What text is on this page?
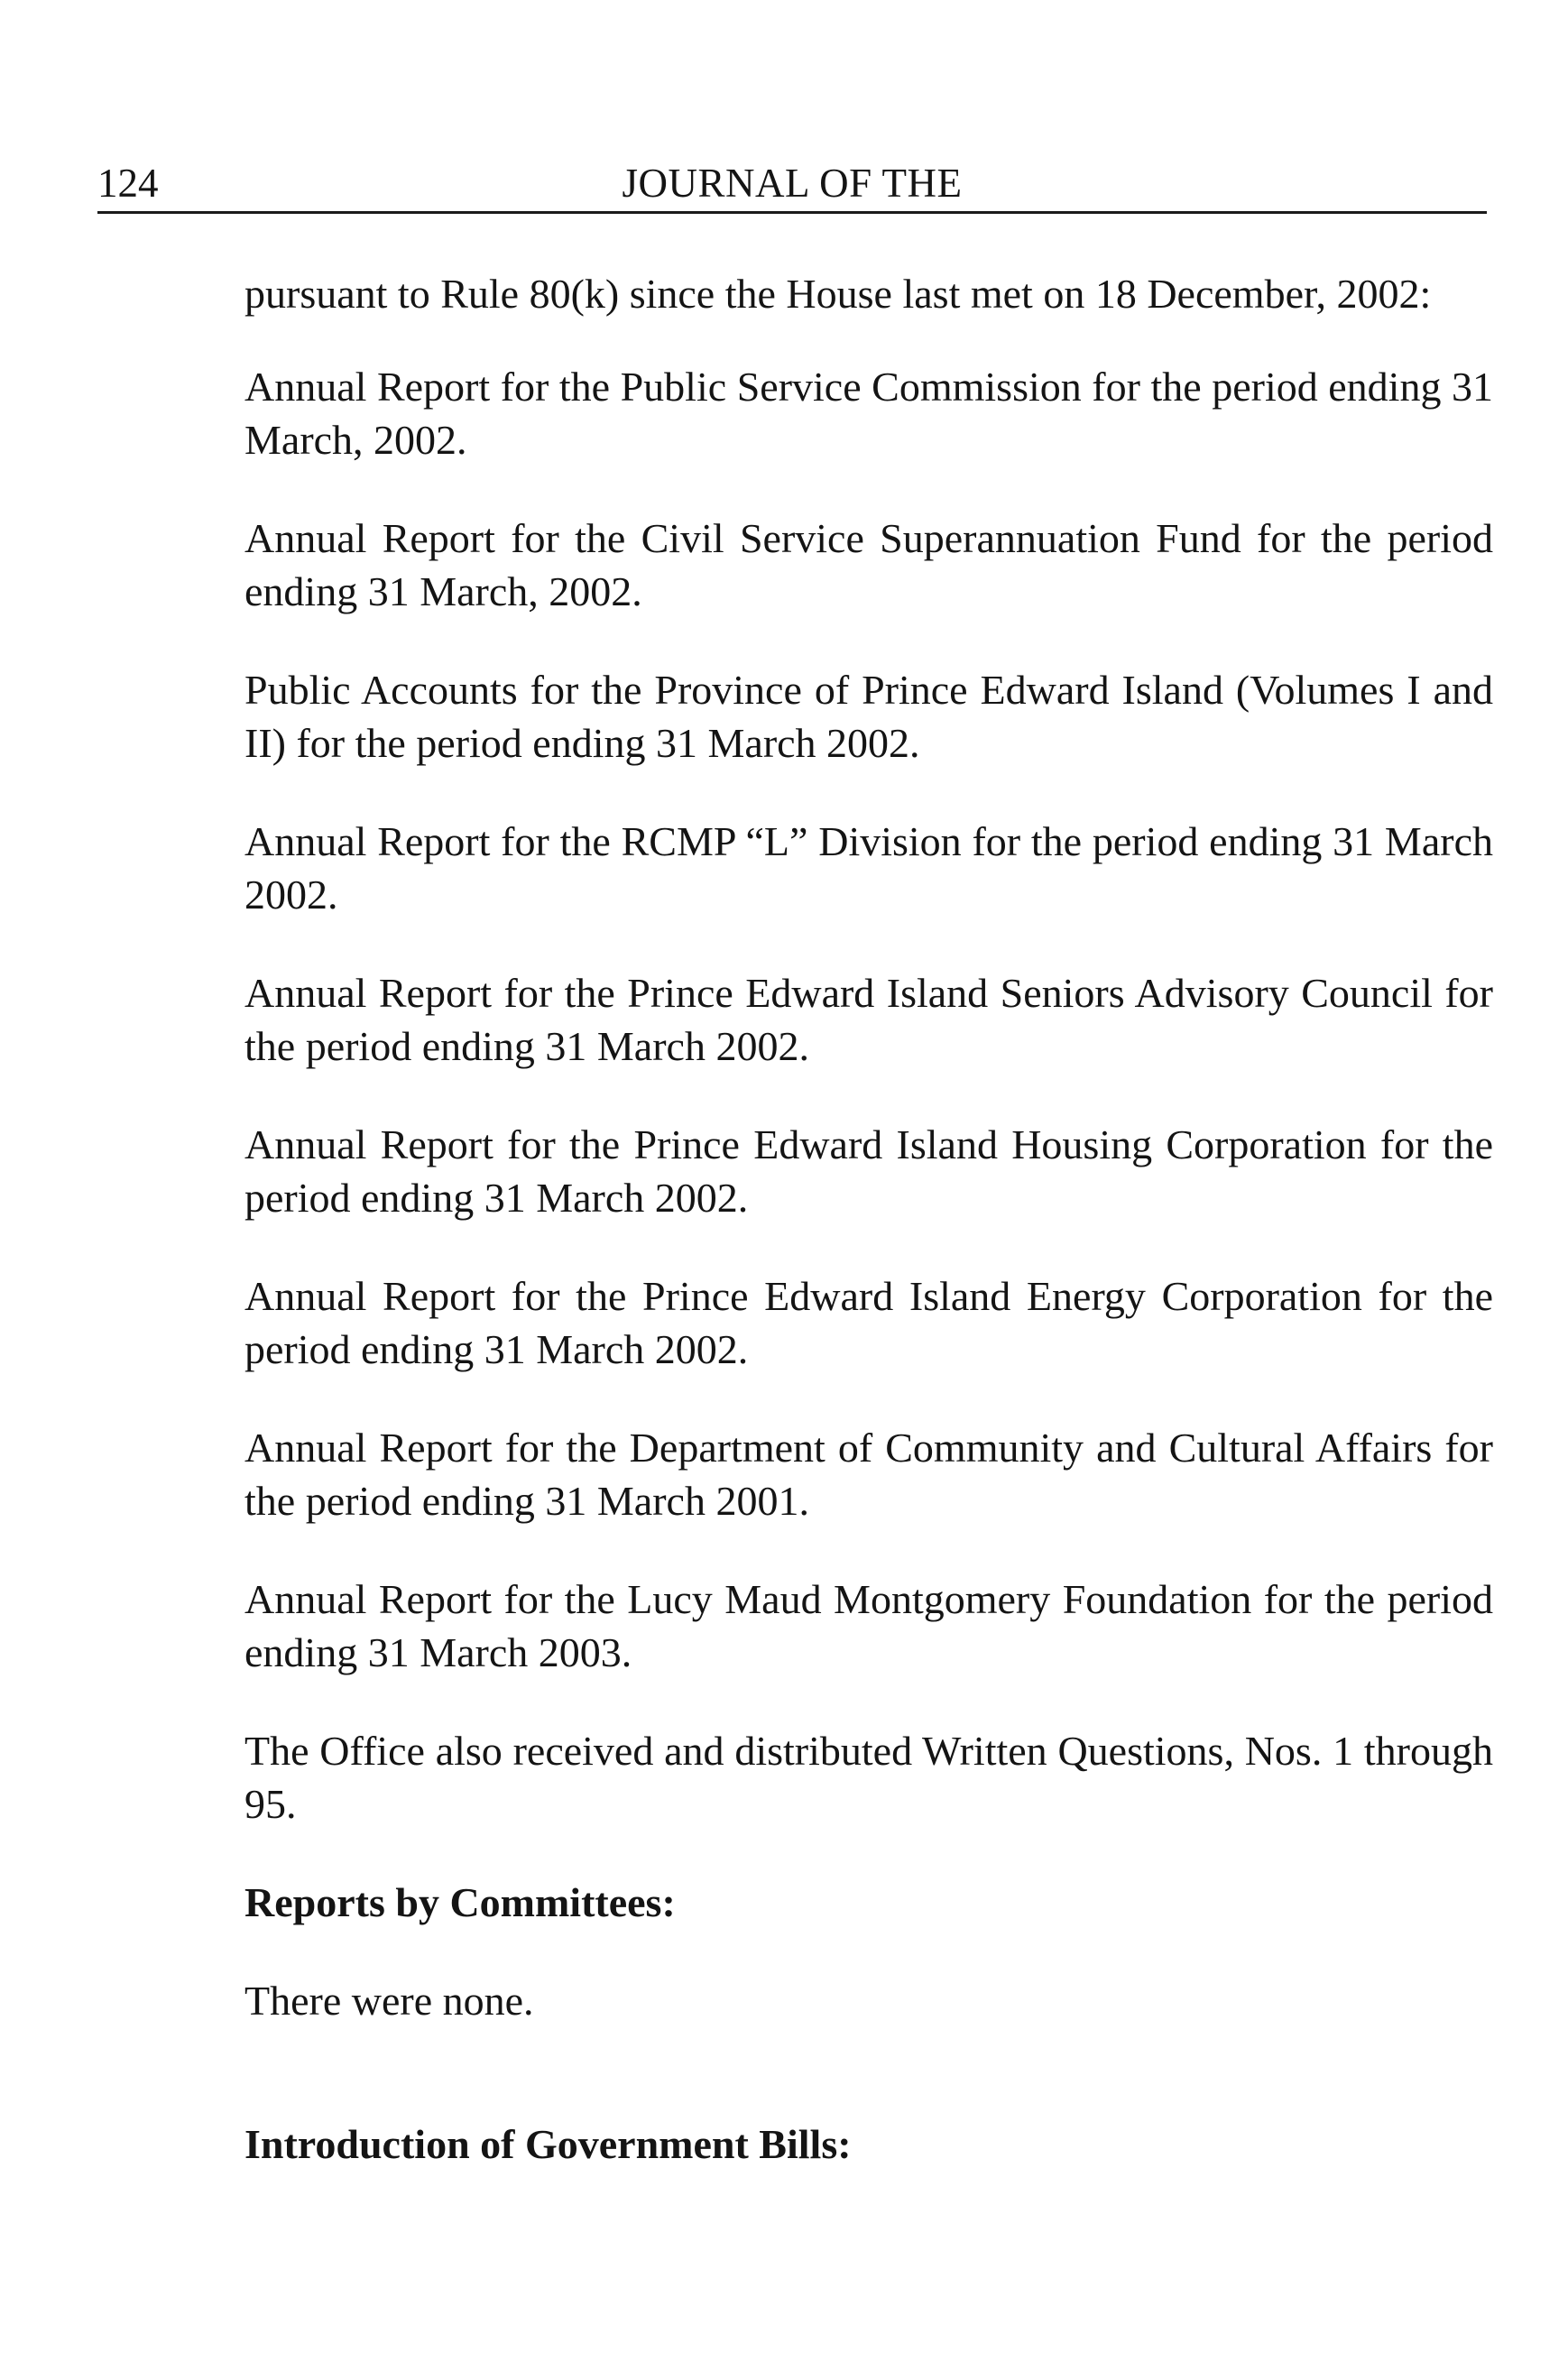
124	JOURNAL OF THE

pursuant to Rule 80(k) since the House last met on 18 December, 2002:

Annual Report for the Public Service Commission for the period ending 31 March, 2002.

Annual Report for the Civil Service Superannuation Fund for the period ending 31 March, 2002.

Public Accounts for the Province of Prince Edward Island (Volumes I and II) for the period ending 31 March 2002.

Annual Report for the RCMP “L” Division for the period ending 31 March 2002.

Annual Report for the Prince Edward Island Seniors Advisory Council for the period ending 31 March 2002.

Annual Report for the Prince Edward Island Housing Corporation for the period ending 31 March 2002.

Annual Report for the Prince Edward Island Energy Corporation for the period ending 31 March 2002.

Annual Report for the Department of Community and Cultural Affairs for the period ending 31 March 2001.

Annual Report for the Lucy Maud Montgomery Foundation for the period ending 31 March 2003.

The Office also received and distributed Written Questions, Nos. 1 through 95.

Reports by Committees:

There were none.

Introduction of Government Bills:
